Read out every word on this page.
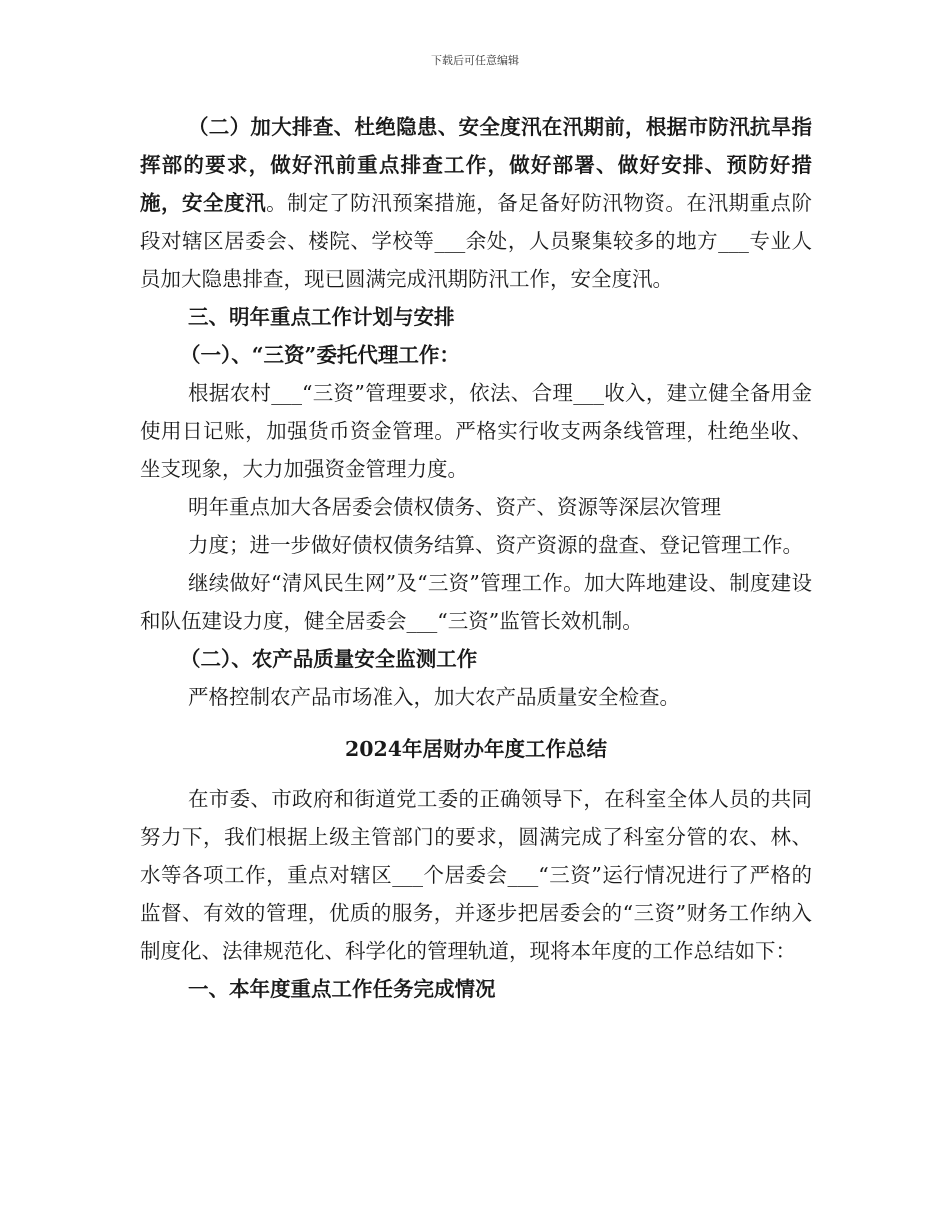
下载后可任意编辑

（二）加大排查、杜绝隐患、安全度汛在汛期前，根据市防汛抗旱指挥部的要求，做好汛前重点排查工作，做好部署、做好安排、预防好措施，安全度汛。制定了防汛预案措施，备足备好防汛物资。在汛期重点阶段对辖区居委会、楼院、学校等___余处，人员聚集较多的地方___专业人员加大隐患排查，现已圆满完成汛期防汛工作，安全度汛。

三、明年重点工作计划与安排

（一）、“三资”委托代理工作：

根据农村___“三资”管理要求，依法、合理___收入，建立健全备用金使用日记账，加强货币资金管理。严格实行收支两条线管理，杜绝坐收、坐支现象，大力加强资金管理力度。

明年重点加大各居委会债权债务、资产、资源等深层次管理

力度；进一步做好债权债务结算、资产资源的盘查、登记管理工作。

继续做好“清风民生网”及“三资”管理工作。加大阵地建设、制度建设和队伍建设力度，健全居委会___“三资”监管长效机制。

（二）、农产品质量安全监测工作

严格控制农产品市场准入，加大农产品质量安全检查。

2024年居财办年度工作总结

在市委、市政府和街道党工委的正确领导下，在科室全体人员的共同努力下，我们根据上级主管部门的要求，圆满完成了科室分管的农、林、水等各项工作，重点对辖区___个居委会___“三资”运行情况进行了严格的监督、有效的管理，优质的服务，并逐步把居委会的“三资”财务工作纳入制度化、法律规范化、科学化的管理轨道，现将本年度的工作总结如下：

一、本年度重点工作任务完成情况
